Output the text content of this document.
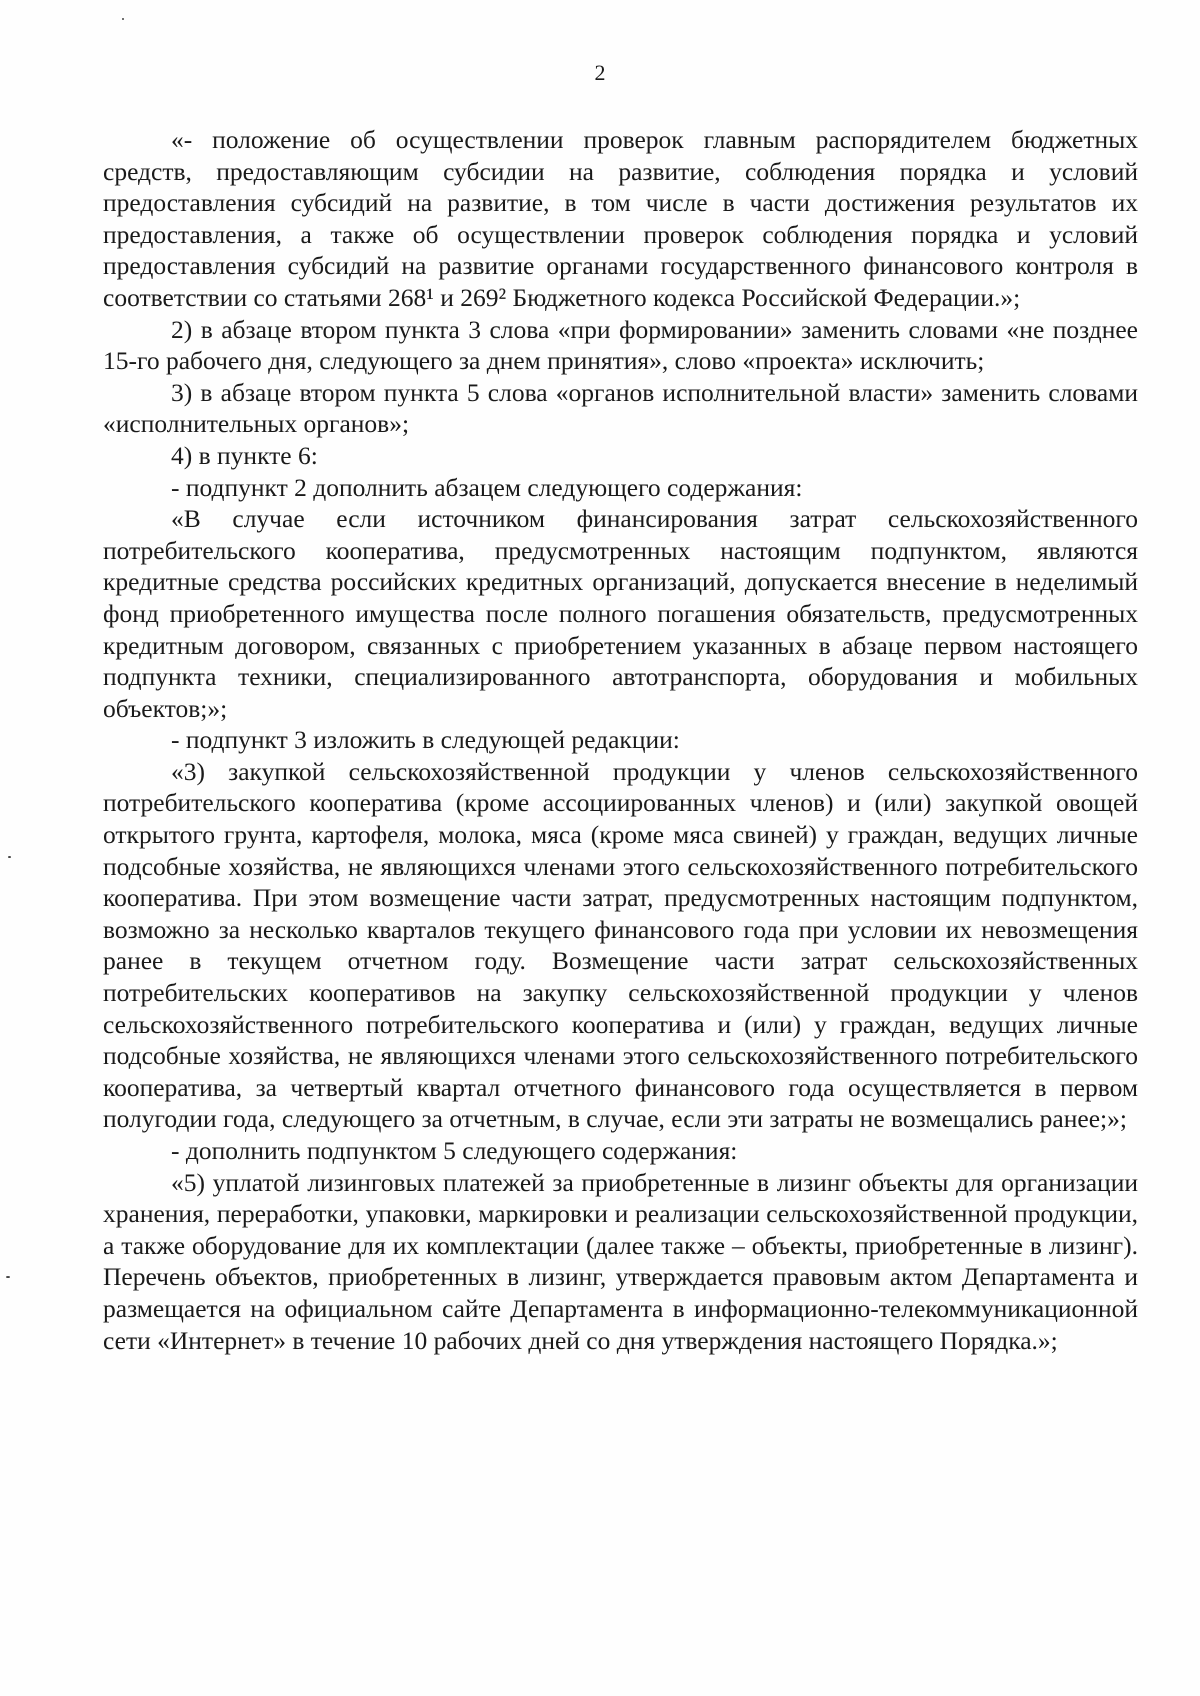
2

«- положение об осуществлении проверок главным распорядителем бюджетных средств, предоставляющим субсидии на развитие, соблюдения порядка и условий предоставления субсидий на развитие, в том числе в части достижения результатов их предоставления, а также об осуществлении проверок соблюдения порядка и условий предоставления субсидий на развитие органами государственного финансового контроля в соответствии со статьями 268¹ и 269² Бюджетного кодекса Российской Федерации.»;

2) в абзаце втором пункта 3 слова «при формировании» заменить словами «не позднее 15-го рабочего дня, следующего за днем принятия», слово «проекта» исключить;

3) в абзаце втором пункта 5 слова «органов исполнительной власти» заменить словами «исполнительных органов»;

4) в пункте 6:

- подпункт 2 дополнить абзацем следующего содержания:

«В случае если источником финансирования затрат сельскохозяйственного потребительского кооператива, предусмотренных настоящим подпунктом, являются кредитные средства российских кредитных организаций, допускается внесение в неделимый фонд приобретенного имущества после полного погашения обязательств, предусмотренных кредитным договором, связанных с приобретением указанных в абзаце первом настоящего подпункта техники, специализированного автотранспорта, оборудования и мобильных объектов;»;

- подпункт 3 изложить в следующей редакции:

«3) закупкой сельскохозяйственной продукции у членов сельскохозяйственного потребительского кооператива (кроме ассоциированных членов) и (или) закупкой овощей открытого грунта, картофеля, молока, мяса (кроме мяса свиней) у граждан, ведущих личные подсобные хозяйства, не являющихся членами этого сельскохозяйственного потребительского кооператива. При этом возмещение части затрат, предусмотренных настоящим подпунктом, возможно за несколько кварталов текущего финансового года при условии их невозмещения ранее в текущем отчетном году. Возмещение части затрат сельскохозяйственных потребительских кооперативов на закупку сельскохозяйственной продукции у членов сельскохозяйственного потребительского кооператива и (или) у граждан, ведущих личные подсобные хозяйства, не являющихся членами этого сельскохозяйственного потребительского кооператива, за четвертый квартал отчетного финансового года осуществляется в первом полугодии года, следующего за отчетным, в случае, если эти затраты не возмещались ранее;»;

- дополнить подпунктом 5 следующего содержания:

«5) уплатой лизинговых платежей за приобретенные в лизинг объекты для организации хранения, переработки, упаковки, маркировки и реализации сельскохозяйственной продукции, а также оборудование для их комплектации (далее также – объекты, приобретенные в лизинг). Перечень объектов, приобретенных в лизинг, утверждается правовым актом Департамента и размещается на официальном сайте Департамента в информационно-телекоммуникационной сети «Интернет» в течение 10 рабочих дней со дня утверждения настоящего Порядка.»;
